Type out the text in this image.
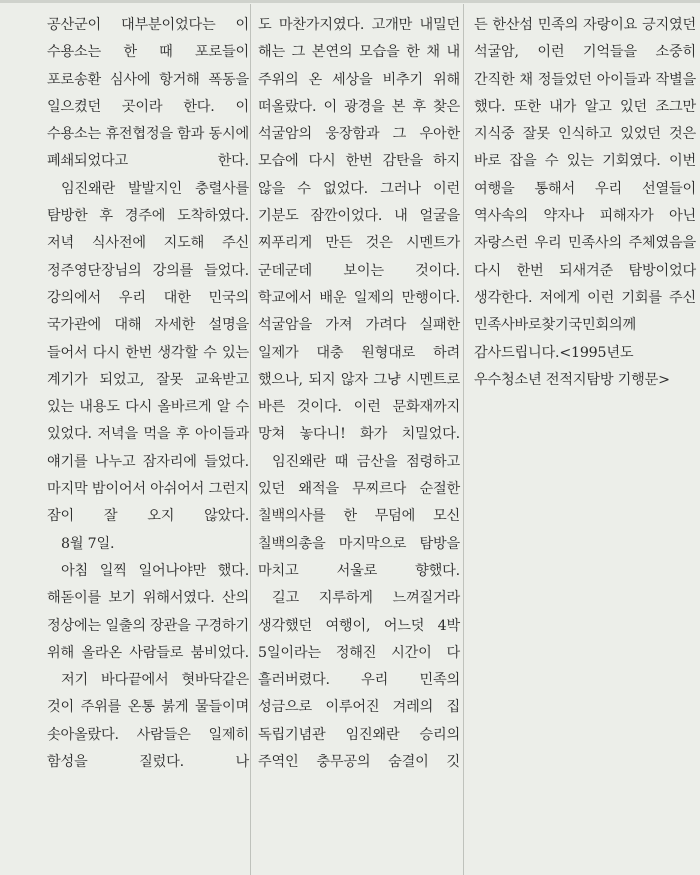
공산군이 대부분이었다는 이 수용소는 한 때 포로들이 포로송환 심사에 항거해 폭동을 일으켰던 곳이라 한다. 이 수용소는 휴전협정을 함과 동시에 폐쇄되었다고 한다.

임진왜란 발발지인 충렬사를 탐방한 후 경주에 도착하였다. 저녁 식사전에 지도해 주신 정주영단장님의 강의를 들었다. 강의에서 우리 대한 민국의 국가관에 대해 자세한 설명을 들어서 다시 한번 생각할 수 있는 계기가 되었고, 잘못 교육받고 있는 내용도 다시 올바르게 알 수 있었다. 저녁을 먹을 후 아이들과 얘기를 나누고 잠자리에 들었다. 마지막 밤이어서 아쉬어서 그런지 잠이 잘 오지 않았다.

8월 7일.

아침 일찍 일어나야만 했다. 해돋이를 보기 위해서였다. 산의 정상에는 일출의 장관을 구경하기 위해 올라온 사람들로 붐비었다.

저기 바다끝에서 혓바닥같은 것이 주위를 온통 붉게 물들이며 솟아올랐다. 사람들은 일제히 함성을 질렀다. 나

도 마찬가지였다. 고개만 내밀던 해는 그 본연의 모습을 한 채 내 주위의 온 세상을 비추기 위해 떠올랐다. 이 광경을 본 후 찾은 석굴암의 웅장함과 그 우아한 모습에 다시 한번 감탄을 하지 않을 수 없었다. 그러나 이런 기분도 잠깐이었다. 내 얼굴을 찌푸리게 만든 것은 시멘트가 군데군데 보이는 것이다. 학교에서 배운 일제의 만행이다. 석굴암을 가져 가려다 실패한 일제가 대충 원형대로 하려 했으나, 되지 않자 그냥 시멘트로 바른 것이다. 이런 문화재까지 망쳐 놓다니! 화가 치밀었다.

임진왜란 때 금산을 점령하고 있던 왜적을 무찌르다 순절한 칠백의사를 한 무덤에 모신 칠백의총을 마지막으로 탐방을 마치고 서울로 향했다.

길고 지루하게 느껴질거라 생각했던 여행이, 어느덧 4박 5일이라는 정해진 시간이 다 흘러버렸다. 우리 민족의 성금으로 이루어진 겨레의 집 독립기념관 임진왜란 승리의 주역인 충무공의 숨결이 깃

든 한산섬 민족의 자랑이요 긍지였던 석굴암, 이런 기억들을 소중히 간직한 채 정들었던 아이들과 작별을 했다. 또한 내가 알고 있던 조그만 지식중 잘못 인식하고 있었던 것은 바로 잡을 수 있는 기회였다. 이번 여행을 통해서 우리 선열들이 역사속의 약자나 피해자가 아닌 자랑스런 우리 민족사의 주체였음을 다시 한번 되새겨준 탐방이었다 생각한다. 저에게 이런 기회를 주신 민족사바로찾기국민회의께 감사드립니다.<1995년도 우수청소년 전적지탐방 기행문>
